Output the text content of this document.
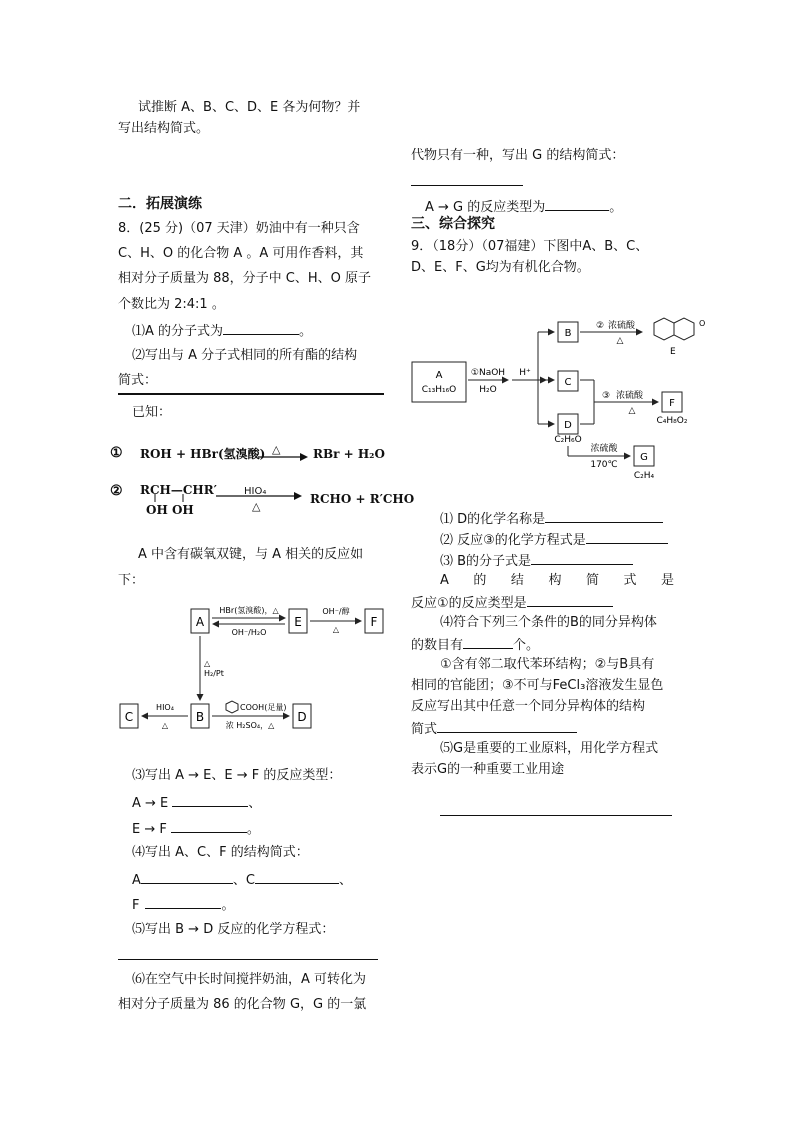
试推断 A、B、C、D、E 各为何物？并
写出结构简式。
二．拓展演练
8．(25 分)（07 天津）奶油中有一种只含
C、H、O 的化合物 A 。A 可用作香料，其
相对分子质量为 88，分子中 C、H、O 原子
个数比为 2:4:1 。
⑴A 的分子式为	。
⑵写出与 A 分子式相同的所有酯的结构
简式：
已知：
① ROH + HBr(氢溴酸) △	RBr + H₂O
② RCH—CHR′
OH OH
HIO₄
△
RCHO + R′CHO
A 中含有碳氧双键，与 A 相关的反应如
下：
A	E	F
B
C	D
HBr(氢溴酸)，△
OH⁻/H₂O
OH⁻/醇
△
△
H₂/Pt
HIO₄
△
COOH(足量)
浓 H₂SO₄，△
⑶写出 A → E、E → F 的反应类型：
A → E	、
E → F	。
⑷写出 A、C、F 的结构简式：
A	、C	、
F	。
⑸写出 B → D 反应的化学方程式：
⑹在空气中长时间搅拌奶油，A 可转化为
相对分子质量为 86 的化合物 G，G 的一氯
代物只有一种，写出 G 的结构简式：
A → G 的反应类型为	。
三、综合探究
9．（18分）（07福建）下图中A、B、C、
D、E、F、G均为有机化合物。
A
C₁₃H₁₆O
①NaOH
H₂O
H⁺
B
C
D
C₂H₆O
② 浓硫酸
△
O
E
③ 浓硫酸
△
F
C₄H₈O₂
浓硫酸
170℃
G
C₂H₄
⑴ D的化学名称是
⑵ 反应③的化学方程式是
⑶ B的分子式是
A 的 结 构 简 式 是
反应①的反应类型是
⑷符合下列三个条件的B的同分异构体
的数目有	个。
①含有邻二取代苯环结构；②与B具有
相同的官能团；③不可与FeCl₃溶液发生显色
反应写出其中任意一个同分异构体的结构
简式
⑸G是重要的工业原料，用化学方程式
表示G的一种重要工业用途
